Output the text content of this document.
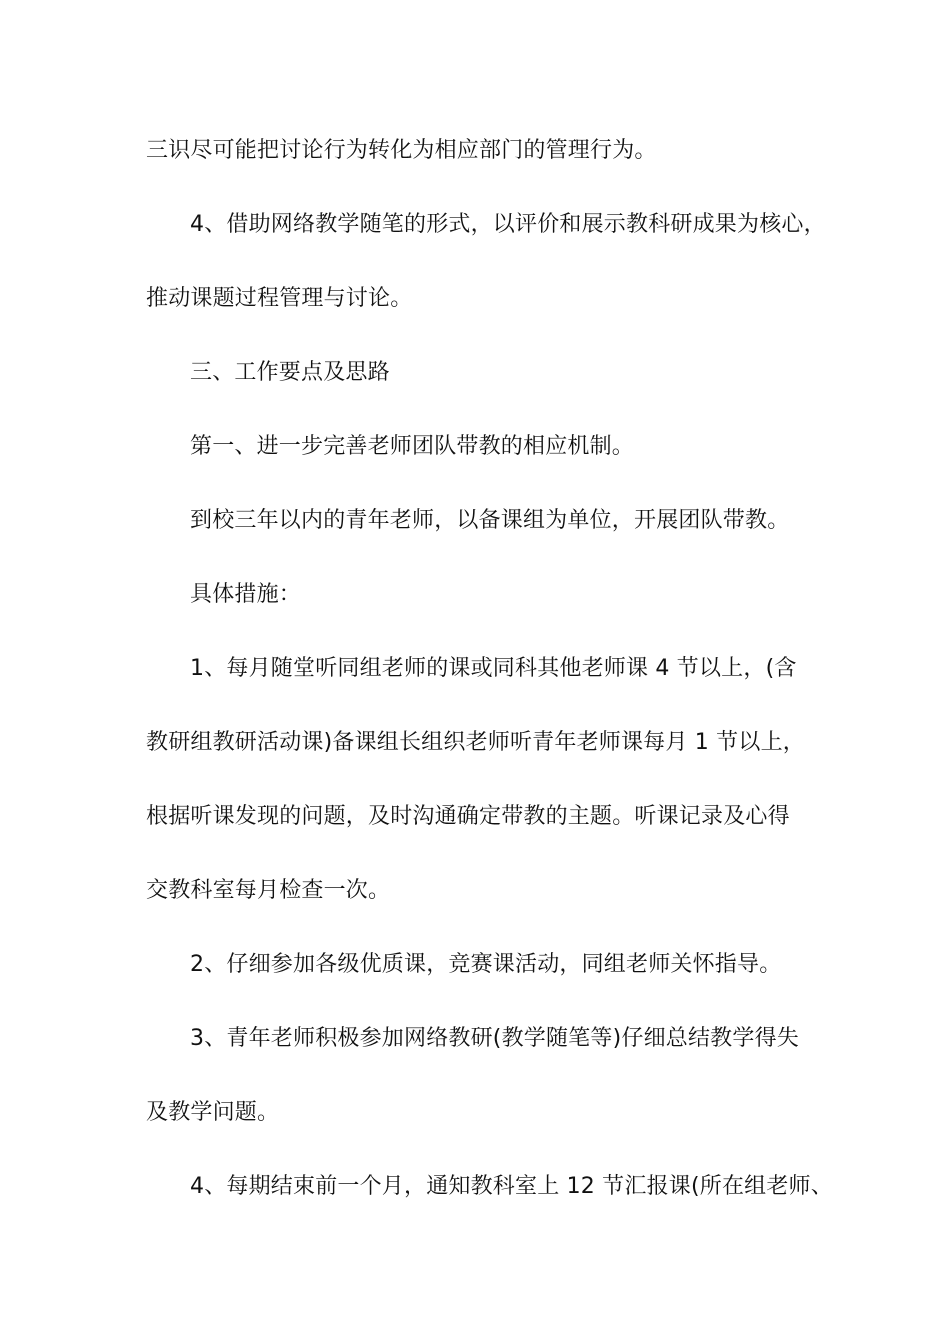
三识尽可能把讨论行为转化为相应部门的管理行为。
4、借助网络教学随笔的形式，以评价和展示教科研成果为核心，
推动课题过程管理与讨论。
三、工作要点及思路
第一、进一步完善老师团队带教的相应机制。
到校三年以内的青年老师，以备课组为单位，开展团队带教。
具体措施：
1、每月随堂听同组老师的课或同科其他老师课 4 节以上，(含
教研组教研活动课)备课组长组织老师听青年老师课每月 1 节以上，
根据听课发现的问题，及时沟通确定带教的主题。听课记录及心得
交教科室每月检查一次。
2、仔细参加各级优质课，竞赛课活动，同组老师关怀指导。
3、青年老师积极参加网络教研(教学随笔等)仔细总结教学得失
及教学问题。
4、每期结束前一个月，通知教科室上 12 节汇报课(所在组老师、
